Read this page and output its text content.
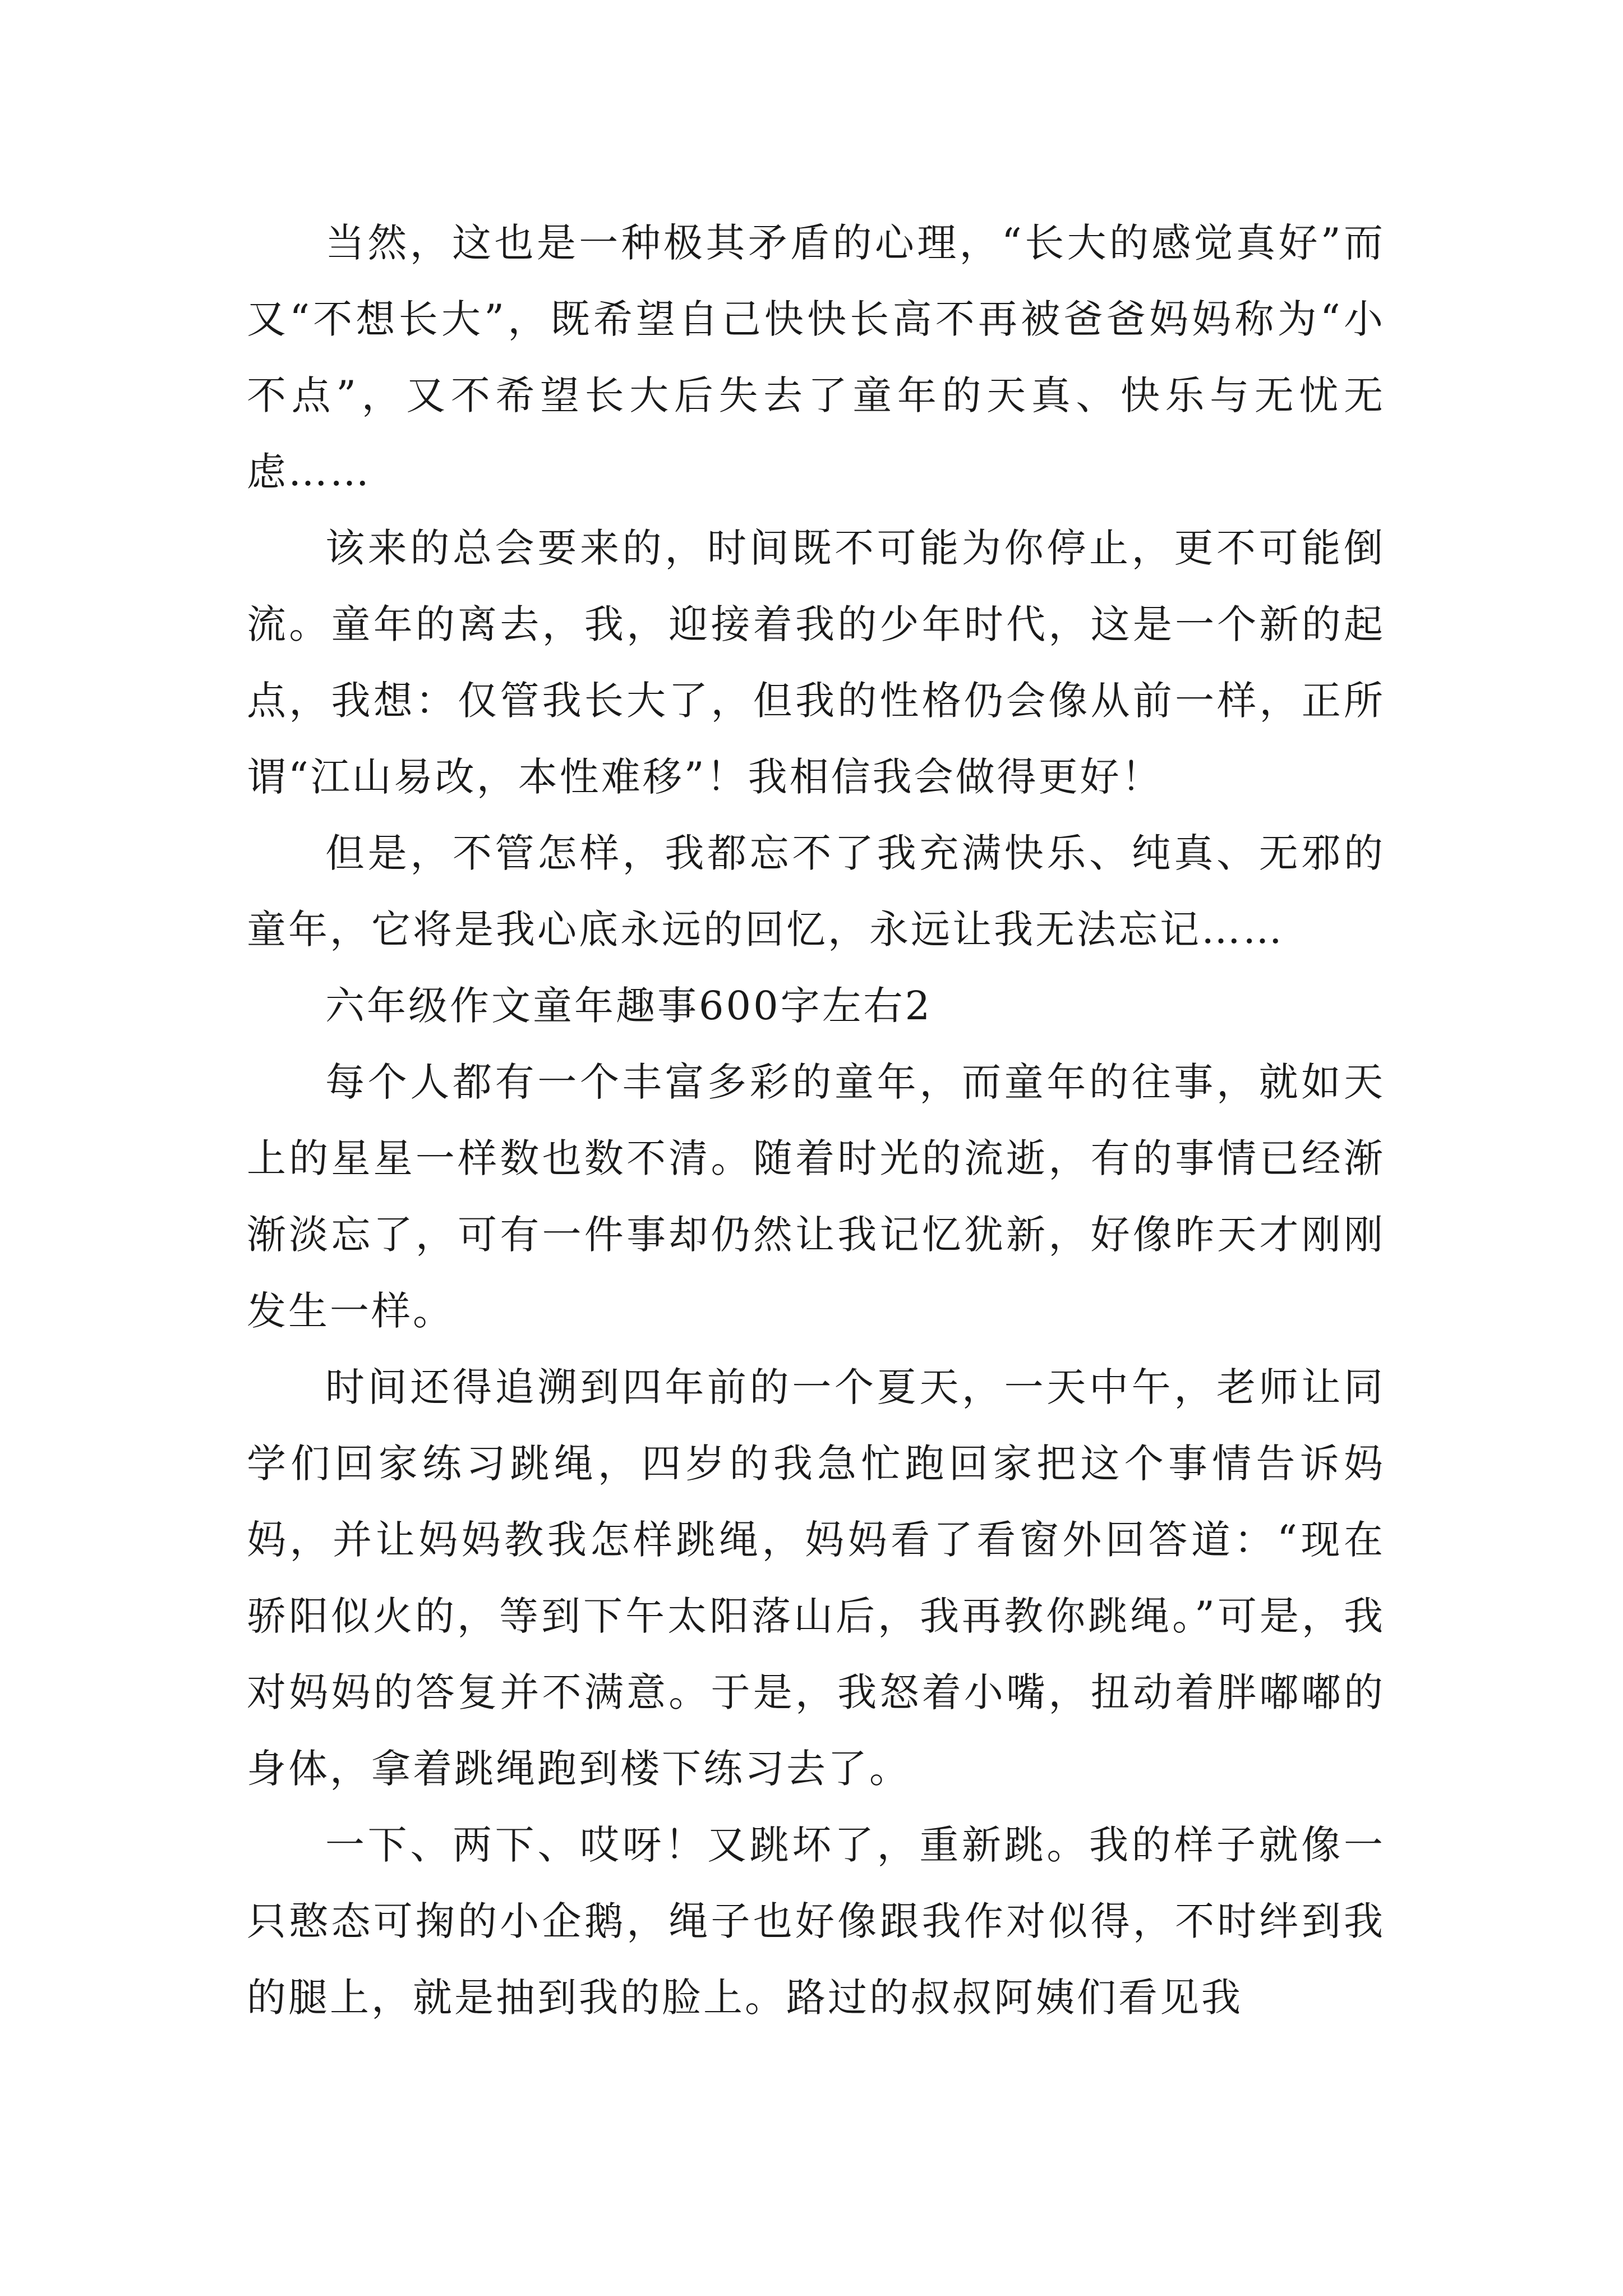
当然，这也是一种极其矛盾的心理，“长大的感觉真好”而又“不想长大”，既希望自己快快长高不再被爸爸妈妈称为“小不点”，又不希望长大后失去了童年的天真、快乐与无忧无虑……

该来的总会要来的，时间既不可能为你停止，更不可能倒流。童年的离去，我，迎接着我的少年时代，这是一个新的起点，我想：仅管我长大了，但我的性格仍会像从前一样，正所谓“江山易改，本性难移”！我相信我会做得更好！

但是，不管怎样，我都忘不了我充满快乐、纯真、无邪的童年，它将是我心底永远的回忆，永远让我无法忘记……

六年级作文童年趣事600字左右2

每个人都有一个丰富多彩的童年，而童年的往事，就如天上的星星一样数也数不清。随着时光的流逝，有的事情已经渐渐淡忘了，可有一件事却仍然让我记忆犹新，好像昨天才刚刚发生一样。

时间还得追溯到四年前的一个夏天，一天中午，老师让同学们回家练习跳绳，四岁的我急忙跑回家把这个事情告诉妈妈，并让妈妈教我怎样跳绳，妈妈看了看窗外回答道：“现在骄阳似火的，等到下午太阳落山后，我再教你跳绳。”可是，我对妈妈的答复并不满意。于是，我怒着小嘴，扭动着胖嘟嘟的身体，拿着跳绳跑到楼下练习去了。

一下、两下、哎呀！又跳坏了，重新跳。我的样子就像一只憨态可掬的小企鹅，绳子也好像跟我作对似得，不时绊到我的腿上，就是抽到我的脸上。路过的叔叔阿姨们看见我
